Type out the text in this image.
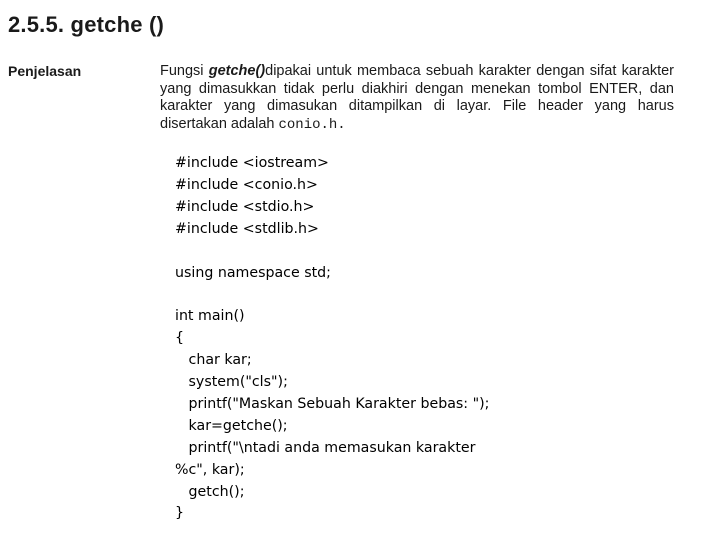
2.5.5. getche ()
Penjelasan	Fungsi getche()dipakai untuk membaca sebuah karakter dengan sifat karakter yang dimasukkan tidak perlu diakhiri dengan menekan tombol ENTER, dan karakter yang dimasukan ditampilkan di layar. File header yang harus disertakan adalah conio.h.

#include <iostream>
#include <conio.h>
#include <stdio.h>
#include <stdlib.h>
using namespace std;
int main()
{
char kar;
system("cls");
printf("Maskan Sebuah Karakter bebas: ");
kar=getche();
printf("\ntadi anda memasukan karakter
%c", kar);
getch();
}
